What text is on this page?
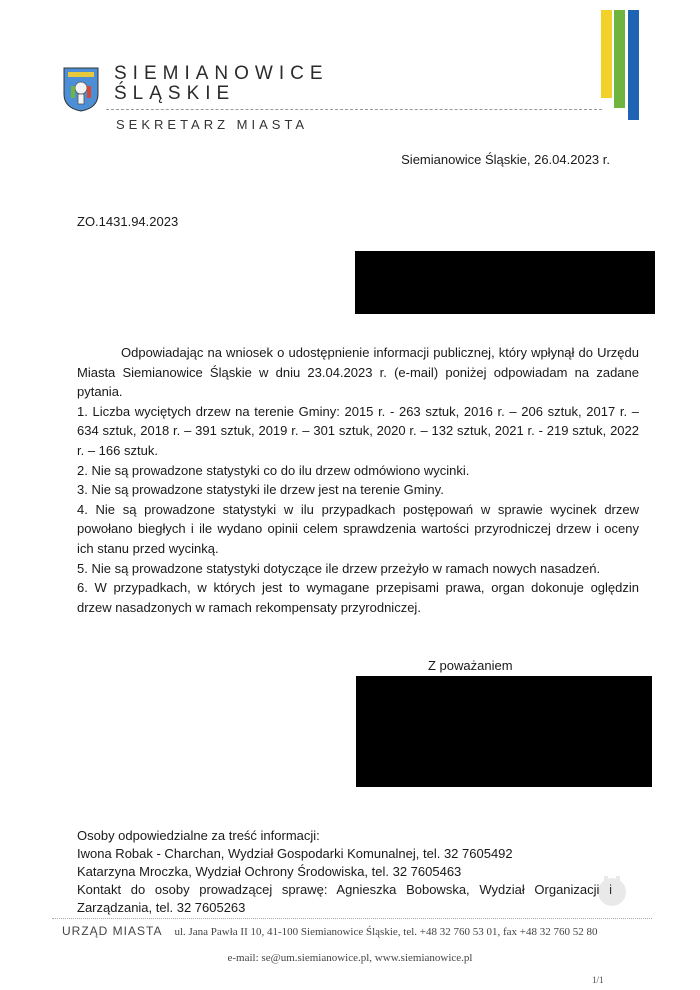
SIEMIANOWICE
ŚLĄSKIE
SEKRETARZ MIASTA
Siemianowice Śląskie, 26.04.2023 r.
ZO.1431.94.2023

Odpowiadając na wniosek o udostępnienie informacji publicznej, który wpłynął do Urzędu Miasta Siemianowice Śląskie w dniu 23.04.2023 r. (e-mail) poniżej odpowiadam na zadane pytania.

1. Liczba wyciętych drzew na terenie Gminy: 2015 r. - 263 sztuk, 2016 r. – 206 sztuk, 2017 r. – 634 sztuk, 2018 r. – 391 sztuk, 2019 r. – 301 sztuk, 2020 r. – 132 sztuk, 2021 r. - 219 sztuk, 2022 r. – 166 sztuk.

2. Nie są prowadzone statystyki co do ilu drzew odmówiono wycinki.

3. Nie są prowadzone statystyki ile drzew jest na terenie Gminy.

4. Nie są prowadzone statystyki w ilu przypadkach postępowań w sprawie wycinek drzew powołano biegłych i ile wydano opinii celem sprawdzenia wartości przyrodniczej drzew i oceny ich stanu przed wycinką.

5. Nie są prowadzone statystyki dotyczące ile drzew przeżyło w ramach nowych nasadzeń.

6. W przypadkach, w których jest to wymagane przepisami prawa, organ dokonuje oględzin drzew nasadzonych w ramach rekompensaty przyrodniczej.

Z poważaniem

Osoby odpowiedzialne za treść informacji:

Iwona Robak - Charchan, Wydział Gospodarki Komunalnej, tel. 32 7605492

Katarzyna Mroczka, Wydział Ochrony Środowiska, tel. 32 7605463

Kontakt do osoby prowadzącej sprawę: Agnieszka Bobowska, Wydział Organizacji i Zarządzania, tel. 32 7605263

URZĄD MIASTA ul. Jana Pawła II 10, 41-100 Siemianowice Śląskie, tel. +48 32 760 53 01, fax +48 32 760 52 80
e-mail: se@um.siemianowice.pl, www.siemianowice.pl
1/1
